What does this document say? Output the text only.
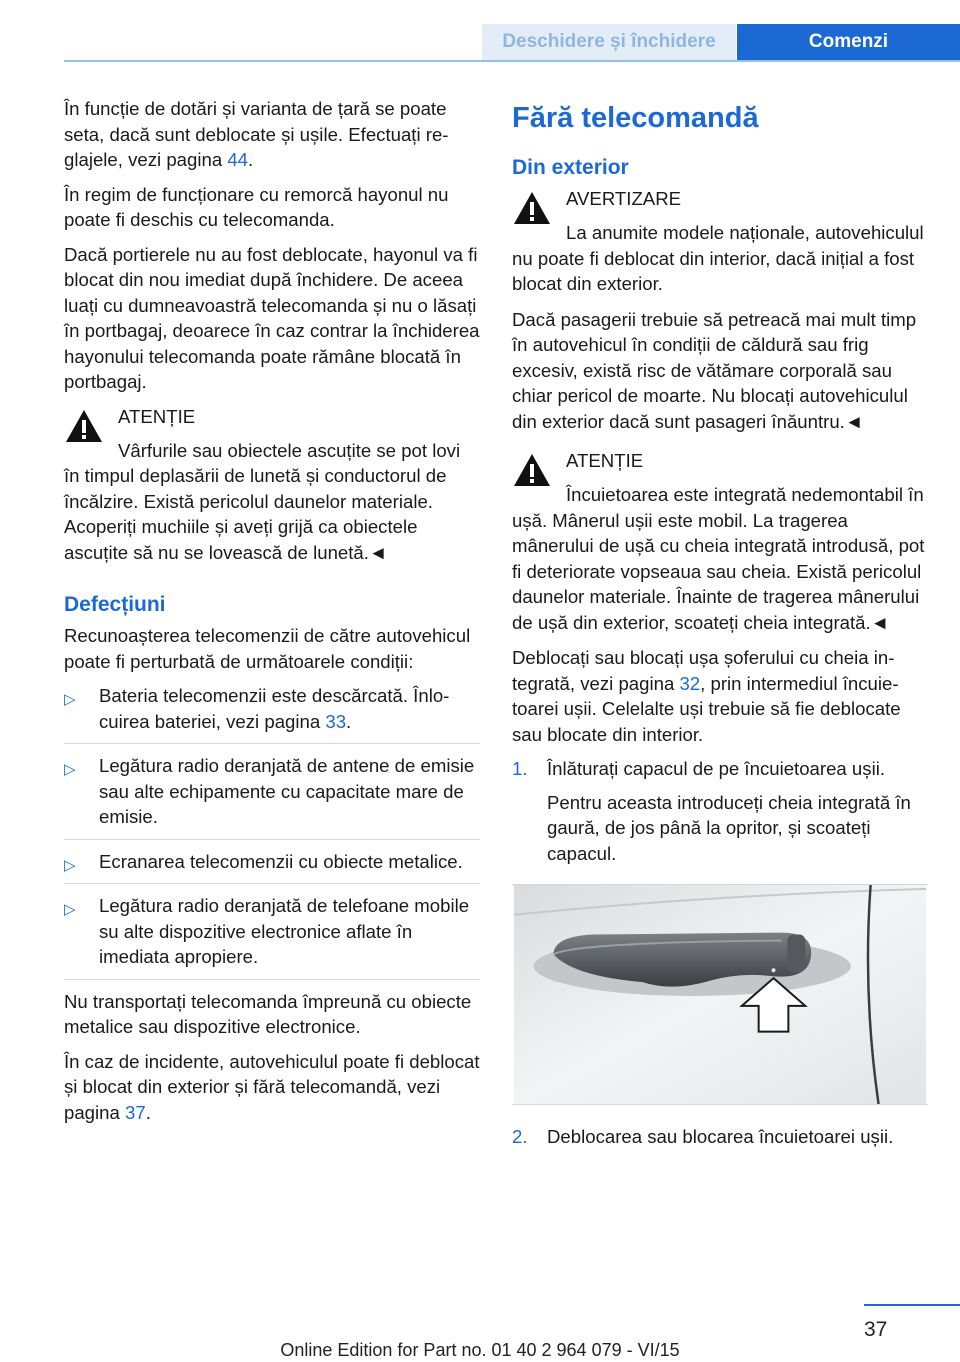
Deschidere și închidere	Comenzi

În funcție de dotări și varianta de țară se poate seta, dacă sunt deblocate și ușile. Efectuați reglajele, vezi pagina 44.

În regim de funcționare cu remorcă hayonul nu poate fi deschis cu telecomanda.

Dacă portierele nu au fost deblocate, hayonul va fi blocat din nou imediat după închidere. De aceea luați cu dumneavoastră telecomanda și nu o lăsați în portbagaj, deoarece în caz contrar la închiderea hayonului telecomanda poate rămâne blocată în portbagaj.

ATENȚIE

Vârfurile sau obiectele ascuțite se pot lovi în timpul deplasării de lunetă și conductorul de încălzire. Există pericolul daunelor materiale. Acoperiți muchiile și aveți grijă ca obiectele ascuțite să nu se lovească de lunetă.◄

Defecțiuni

Recunoașterea telecomenzii de către autovehicul poate fi perturbată de următoarele condiții:

▷ Bateria telecomenzii este descărcată. Înlocuirea bateriei, vezi pagina 33.
▷ Legătura radio deranjată de antene de emisie sau alte echipamente cu capacitate mare de emisie.
▷ Ecranarea telecomenzii cu obiecte metalice.
▷ Legătura radio deranjată de telefoane mobile su alte dispozitive electronice aflate în imediata apropiere.

Nu transportați telecomanda împreună cu obiecte metalice sau dispozitive electronice.

În caz de incidente, autovehiculul poate fi deblocat și blocat din exterior și fără telecomandă, vezi pagina 37.

Fără telecomandă
Din exterior
AVERTIZARE

La anumite modele naționale, autovehiculul nu poate fi deblocat din interior, dacă inițial a fost blocat din exterior.

Dacă pasagerii trebuie să petreacă mai mult timp în autovehicul în condiții de căldură sau frig excesiv, există risc de vătămare corporală sau chiar pericol de moarte. Nu blocați autovehiculul din exterior dacă sunt pasageri înăuntru.◄

ATENȚIE

Încuietoarea este integrată nedemontabil în ușă. Mânerul ușii este mobil. La tragerea mânerului de ușă cu cheia integrată introdusă, pot fi deteriorate vopseaua sau cheia. Există pericolul daunelor materiale. Înainte de tragerea mânerului de ușă din exterior, scoateți cheia integrată.◄

Deblocați sau blocați ușa șoferului cu cheia integrată, vezi pagina 32, prin intermediul încuietoarei ușii. Celelalte uși trebuie să fie deblocate sau blocate din interior.

1. Înlăturați capacul de pe încuietoarea ușii.
Pentru aceasta introduceți cheia integrată în gaură, de jos până la opritor, și scoateți capacul.
2. Deblocarea sau blocarea încuietoarei ușii.
37
Online Edition for Part no. 01 40 2 964 079 - VI/15
